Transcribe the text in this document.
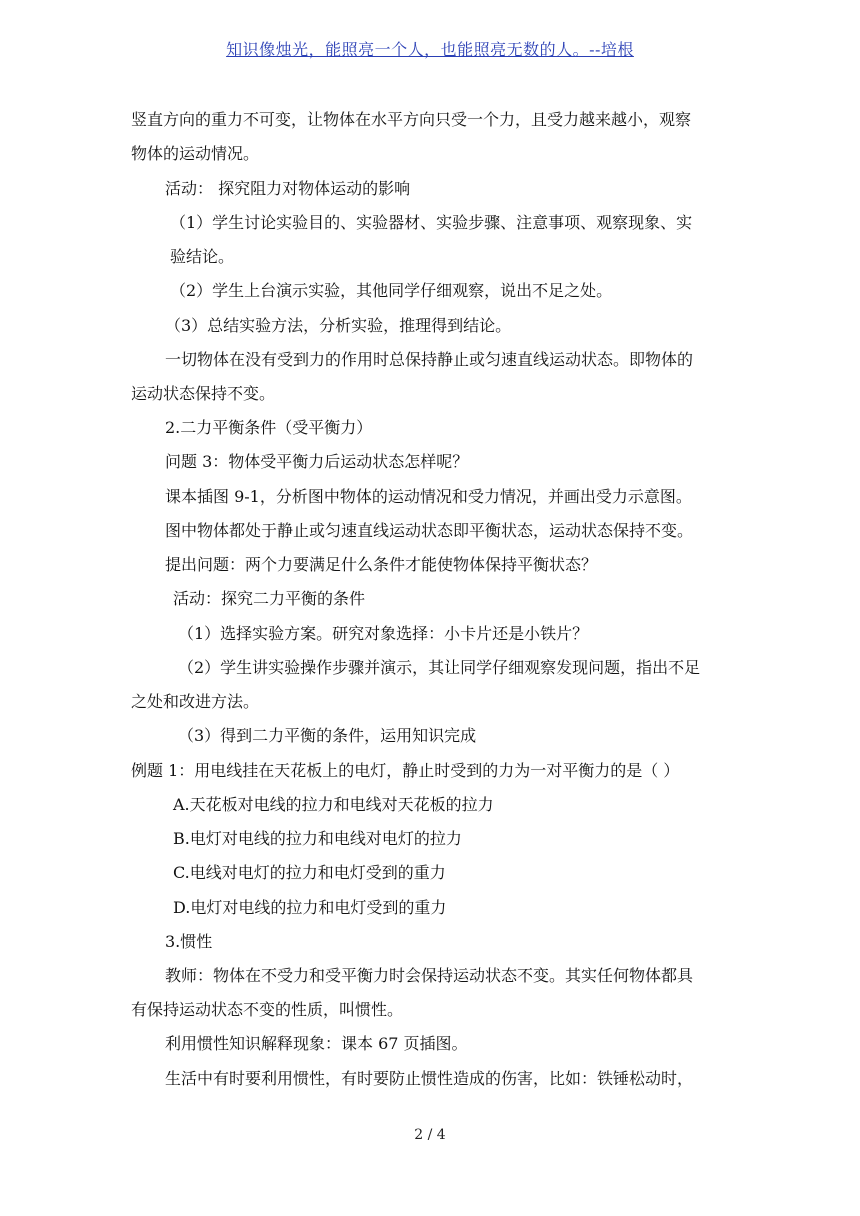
知识像烛光，能照亮一个人，也能照亮无数的人。--培根
竖直方向的重力不可变，让物体在水平方向只受一个力，且受力越来越小，观察
物体的运动情况。
活动： 探究阻力对物体运动的影响
（1）学生讨论实验目的、实验器材、实验步骤、注意事项、观察现象、实
验结论。
（2）学生上台演示实验，其他同学仔细观察，说出不足之处。
（3）总结实验方法，分析实验，推理得到结论。
一切物体在没有受到力的作用时总保持静止或匀速直线运动状态。即物体的
运动状态保持不变。
2.二力平衡条件（受平衡力）
问题 3：物体受平衡力后运动状态怎样呢？
课本插图 9-1，分析图中物体的运动情况和受力情况，并画出受力示意图。
图中物体都处于静止或匀速直线运动状态即平衡状态，运动状态保持不变。
提出问题：两个力要满足什么条件才能使物体保持平衡状态？
活动：探究二力平衡的条件
（1）选择实验方案。研究对象选择：小卡片还是小铁片？
（2）学生讲实验操作步骤并演示，其让同学仔细观察发现问题，指出不足
之处和改进方法。
（3）得到二力平衡的条件，运用知识完成
例题 1：用电线挂在天花板上的电灯，静止时受到的力为一对平衡力的是（ ）
A.天花板对电线的拉力和电线对天花板的拉力
B.电灯对电线的拉力和电线对电灯的拉力
C.电线对电灯的拉力和电灯受到的重力
D.电灯对电线的拉力和电灯受到的重力
3.惯性
教师：物体在不受力和受平衡力时会保持运动状态不变。其实任何物体都具
有保持运动状态不变的性质，叫惯性。
利用惯性知识解释现象：课本 67 页插图。
生活中有时要利用惯性，有时要防止惯性造成的伤害，比如：铁锤松动时，
2 / 4
